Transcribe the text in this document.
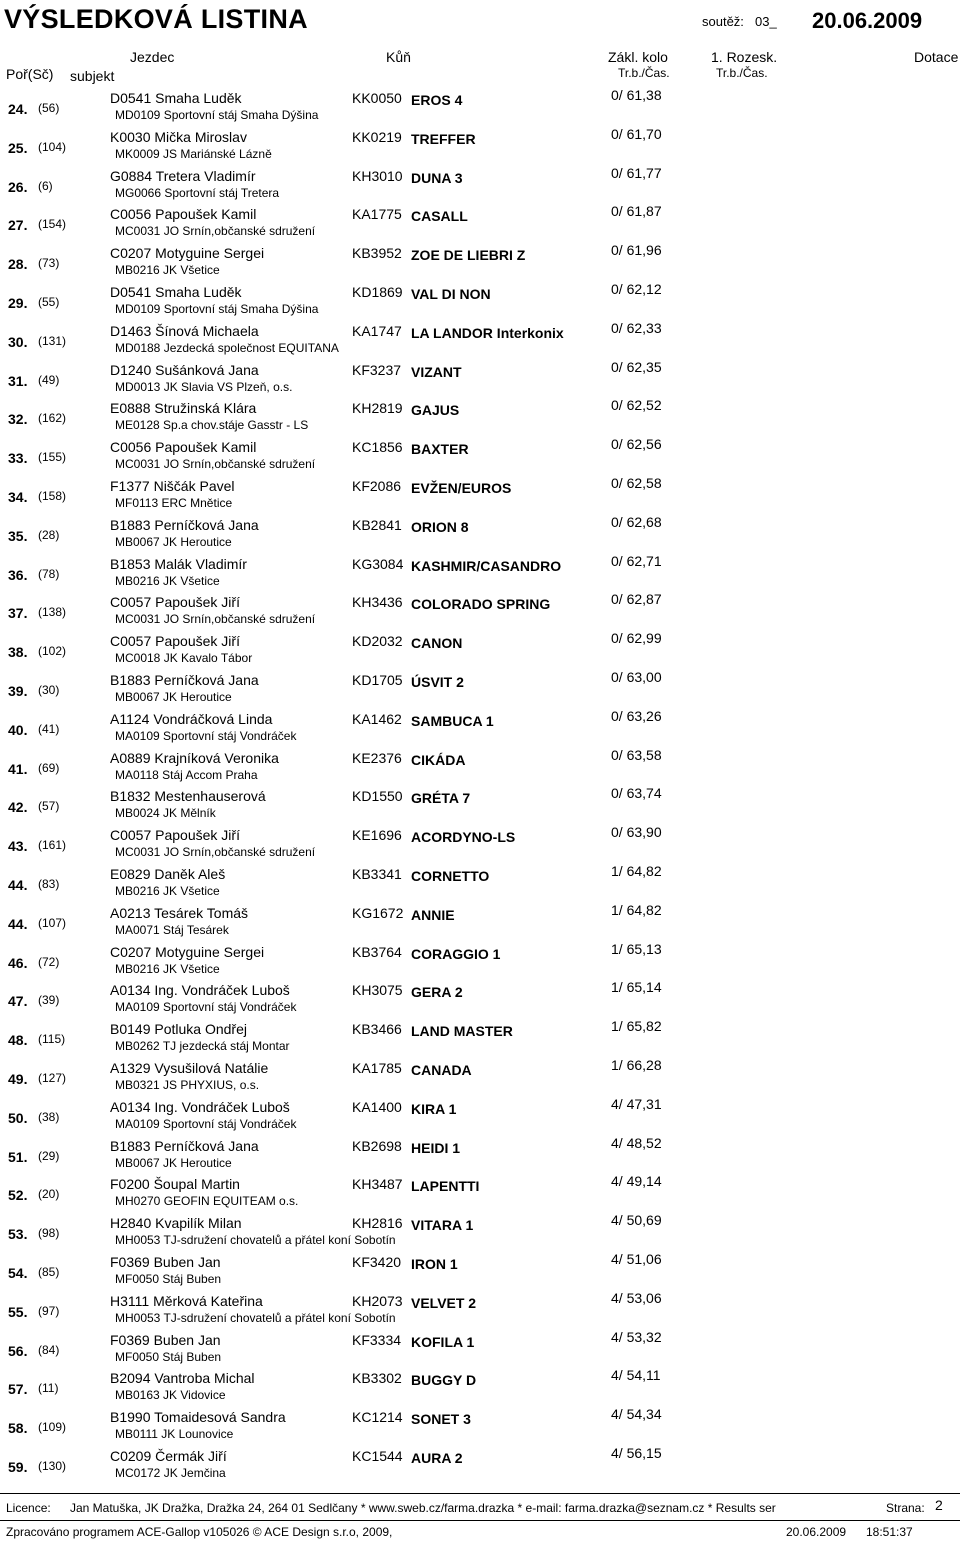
VÝSLEDKOVÁ LISTINA	soutěž: 03_ 20.06.2009
Poř(Sč) subjekt
Jezdec	Kůň	Zákl. kolo
Tr.b./Čas.
1. Rozesk.
Tr.b./Čas.
Dotace
24. (56)
D0541 Smaha Luděk
MD0109 Sportovní stáj Smaha Dýšina
KK0050 EROS 4	0/ 61,38
25. (104)
K0030 Mička Miroslav
MK0009 JS Mariánské Lázně
KK0219 TREFFER	0/ 61,70
26. (6)
G0884 Tretera Vladimír
MG0066 Sportovní stáj Tretera
KH3010 DUNA 3	0/ 61,77
27. (154)
C0056 Papoušek Kamil
MC0031 JO Srnín,občanské sdružení
KA1775 CASALL	0/ 61,87
28. (73)
C0207 Motyguine Sergei
MB0216 JK Všetice
KB3952 ZOE DE LIEBRI Z	0/ 61,96
29. (55)
D0541 Smaha Luděk
MD0109 Sportovní stáj Smaha Dýšina
KD1869 VAL DI NON	0/ 62,12
30. (131)
D1463 Šínová Michaela
MD0188 Jezdecká společnost EQUITANA
KA1747 LA LANDOR Interkonix	0/ 62,33
31. (49)
D1240 Sušánková Jana
MD0013 JK Slavia VS Plzeň, o.s.
KF3237 VIZANT	0/ 62,35
32. (162)
E0888 Stružinská Klára
ME0128 Sp.a chov.stáje Gasstr - LS
KH2819 GAJUS	0/ 62,52
33. (155)
C0056 Papoušek Kamil
MC0031 JO Srnín,občanské sdružení
KC1856 BAXTER	0/ 62,56
34. (158)
F1377 Niščák Pavel
MF0113 ERC Mnětice
KF2086 EVŽEN/EUROS	0/ 62,58
35. (28)
B1883 Perníčková Jana
MB0067 JK Heroutice
KB2841 ORION 8	0/ 62,68
36. (78)
B1853 Malák Vladimír
MB0216 JK Všetice
KG3084 KASHMIR/CASANDRO	0/ 62,71
37. (138)
C0057 Papoušek Jiří
MC0031 JO Srnín,občanské sdružení
KH3436 COLORADO SPRING	0/ 62,87
38. (102)
C0057 Papoušek Jiří
MC0018 JK Kavalo Tábor
KD2032 CANON	0/ 62,99
39. (30)
B1883 Perníčková Jana
MB0067 JK Heroutice
KD1705 ÚSVIT 2	0/ 63,00
40. (41)
A1124 Vondráčková Linda
MA0109 Sportovní stáj Vondráček
KA1462 SAMBUCA 1	0/ 63,26
41. (69)
A0889 Krajníková Veronika
MA0118 Stáj Accom Praha
KE2376 CIKÁDA	0/ 63,58
42. (57)
B1832 Mestenhauserová
MB0024 JK Mělník
KD1550 GRÉTA 7	0/ 63,74
43. (161)
C0057 Papoušek Jiří
MC0031 JO Srnín,občanské sdružení
KE1696 ACORDYNO-LS	0/ 63,90
44. (83)
E0829 Daněk Aleš
MB0216 JK Všetice
KB3341 CORNETTO	1/ 64,82
44. (107)
A0213 Tesárek Tomáš
MA0071 Stáj Tesárek
KG1672 ANNIE	1/ 64,82
46. (72)
C0207 Motyguine Sergei
MB0216 JK Všetice
KB3764 CORAGGIO 1	1/ 65,13
47. (39)
A0134 Ing. Vondráček Luboš
MA0109 Sportovní stáj Vondráček
KH3075 GERA 2	1/ 65,14
48. (115)
B0149 Potluka Ondřej
MB0262 TJ jezdecká stáj Montar
KB3466 LAND MASTER	1/ 65,82
49. (127)
A1329 Vysušilová Natálie
MB0321 JS PHYXIUS, o.s.
KA1785 CANADA	1/ 66,28
50. (38)
A0134 Ing. Vondráček Luboš
MA0109 Sportovní stáj Vondráček
KA1400 KIRA 1	4/ 47,31
51. (29)
B1883 Perníčková Jana
MB0067 JK Heroutice
KB2698 HEIDI 1	4/ 48,52
52. (20)
F0200 Šoupal Martin
MH0270 GEOFIN EQUITEAM o.s.
KH3487 LAPENTTI	4/ 49,14
53. (98)
H2840 Kvapilík Milan
MH0053 TJ-sdružení chovatelů a přátel koní Sobotín
KH2816 VITARA 1	4/ 50,69
54. (85)
F0369 Buben Jan
MF0050 Stáj Buben
KF3420 IRON 1	4/ 51,06
55. (97)
H3111 Měrková Kateřina
MH0053 TJ-sdružení chovatelů a přátel koní Sobotín
KH2073 VELVET 2	4/ 53,06
56. (84)
F0369 Buben Jan
MF0050 Stáj Buben
KF3334 KOFILA 1	4/ 53,32
57. (11)
B2094 Vantroba Michal
MB0163 JK Vidovice
KB3302 BUGGY D	4/ 54,11
58. (109)
B1990 Tomaidesová Sandra
MB0111 JK Lounovice
KC1214 SONET 3	4/ 54,34
59. (130)
C0209 Čermák Jiří
MC0172 JK Jemčina
KC1544 AURA 2	4/ 56,15
Licence: Jan Matuška, JK Dražka, Dražka 24, 264 01 Sedlčany * www.sweb.cz/farma.drazka * e-mail: farma.drazka@seznam.cz * Results ser	Strana: 2
Zpracováno programem ACE-Gallop v105026 © ACE Design s.r.o, 2009,	20.06.2009 18:51:37
